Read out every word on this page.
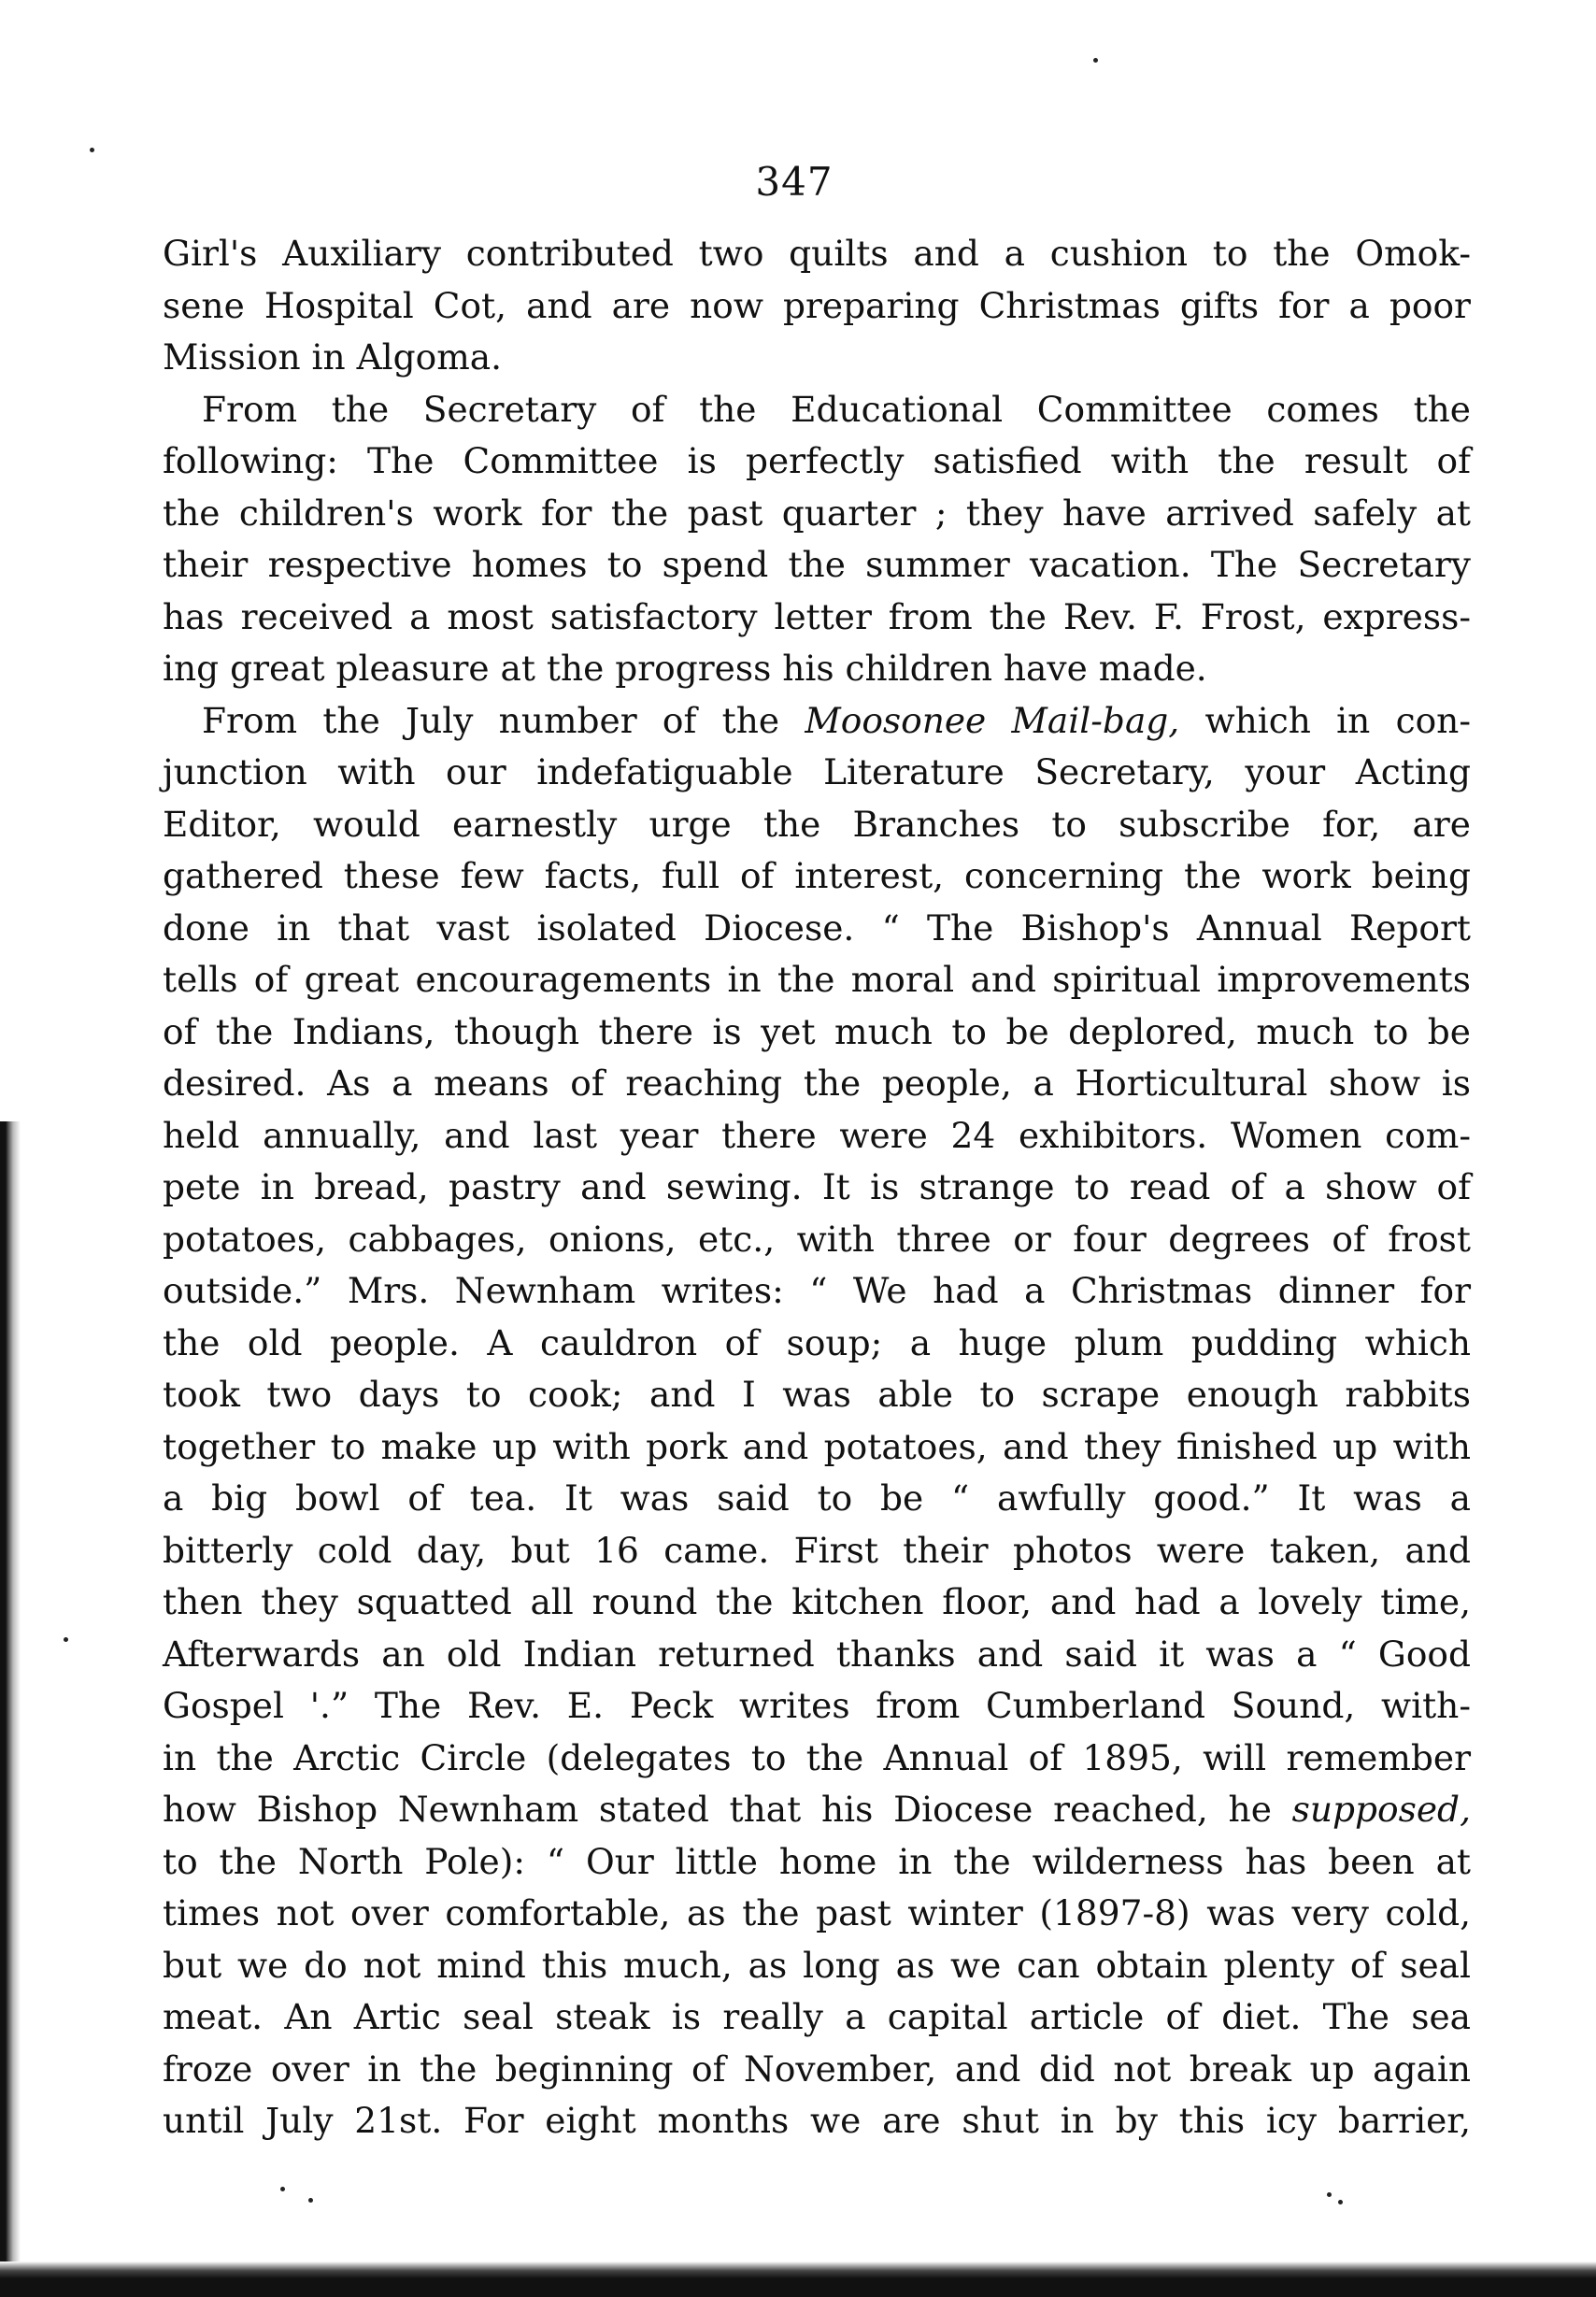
347
Girl's Auxiliary contributed two quilts and a cushion to the Omok-
sene Hospital Cot, and are now preparing Christmas gifts for a poor
Mission in Algoma.
From the Secretary of the Educational Committee comes the
following: The Committee is perfectly satisfied with the result of
the children's work for the past quarter ; they have arrived safely at
their respective homes to spend the summer vacation. The Secretary
has received a most satisfactory letter from the Rev. F. Frost, express-
ing great pleasure at the progress his children have made.
From the July number of the Moosonee Mail-bag, which in con-
junction with our indefatiguable Literature Secretary, your Acting
Editor, would earnestly urge the Branches to subscribe for, are
gathered these few facts, full of interest, concerning the work being
done in that vast isolated Diocese. “ The Bishop's Annual Report
tells of great encouragements in the moral and spiritual improvements
of the Indians, though there is yet much to be deplored, much to be
desired. As a means of reaching the people, a Horticultural show is
held annually, and last year there were 24 exhibitors. Women com-
pete in bread, pastry and sewing. It is strange to read of a show of
potatoes, cabbages, onions, etc., with three or four degrees of frost
outside.” Mrs. Newnham writes: “ We had a Christmas dinner for
the old people. A cauldron of soup; a huge plum pudding which
took two days to cook; and I was able to scrape enough rabbits
together to make up with pork and potatoes, and they finished up with
a big bowl of tea. It was said to be “ awfully good.” It was a
bitterly cold day, but 16 came. First their photos were taken, and
then they squatted all round the kitchen floor, and had a lovely time,
Afterwards an old Indian returned thanks and said it was a “ Good
Gospel '.” The Rev. E. Peck writes from Cumberland Sound, with-
in the Arctic Circle (delegates to the Annual of 1895, will remember
how Bishop Newnham stated that his Diocese reached, he supposed,
to the North Pole): “ Our little home in the wilderness has been at
times not over comfortable, as the past winter (1897-8) was very cold,
but we do not mind this much, as long as we can obtain plenty of seal
meat. An Artic seal steak is really a capital article of diet. The sea
froze over in the beginning of November, and did not break up again
until July 21st. For eight months we are shut in by this icy barrier,
